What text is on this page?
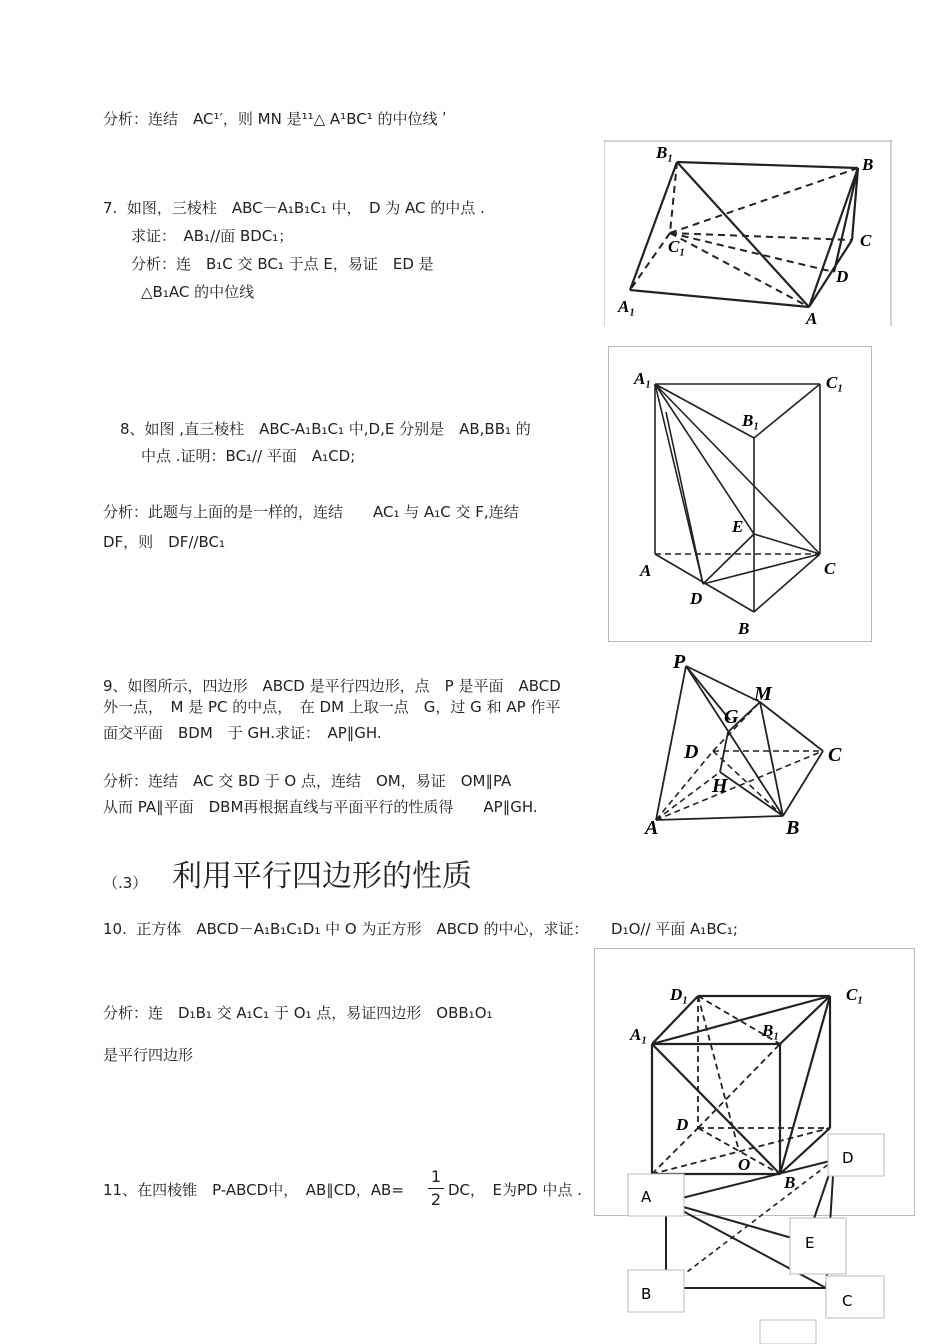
分析：连结　AC¹′，则 MN 是¹¹△ A¹BC¹ 的中位线 ʹ
7.  如图，三棱柱　ABC－A₁B₁C₁ 中，　D 为 AC 的中点 .
求证：　AB₁//面 BDC₁；
分析：连　B₁C 交 BC₁ 于点 E，易证　ED 是
△B₁AC 的中位线
8、如图 ,直三棱柱　ABC-A₁B₁C₁ 中,D,E 分别是　AB,BB₁ 的
中点 .证明：BC₁// 平面　A₁CD;
分析：此题与上面的是一样的，连结　　AC₁ 与 A₁C 交 F,连结
DF，则　DF//BC₁
9、如图所示，四边形　ABCD 是平行四边形，点　P 是平面　ABCD
外一点，　M 是 PC 的中点，　在 DM 上取一点　G，过 G 和 AP 作平
面交平面　BDM　于 GH.求证：　AP∥GH.
分析：连结　AC 交 BD 于 O 点，连结　OM，易证　OM∥PA
从而 PA∥平面　DBM再根据直线与平面平行的性质得　　AP∥GH.
（.3） 利用平行四边形的性质
10.  正方体　ABCD－A₁B₁C₁D₁ 中 O 为正方形　ABCD 的中心，求证：　　D₁O// 平面 A₁BC₁;
分析：连　D₁B₁ 交 A₁C₁ 于 O₁ 点，易证四边形　OBB₁O₁
是平行四边形
11、在四棱锥　P-ABCD中，　AB∥CD，AB=
1
2 DC，　E为PD 中点 .
B₁
B
C₁	C
D
A₁
A
A₁	C₁
B₁
E
A	C
D
B
P
M
G
D	C
H
A	B
D₁	C₁
A₁	B₁
D
O
B
D
A
E
B	C
